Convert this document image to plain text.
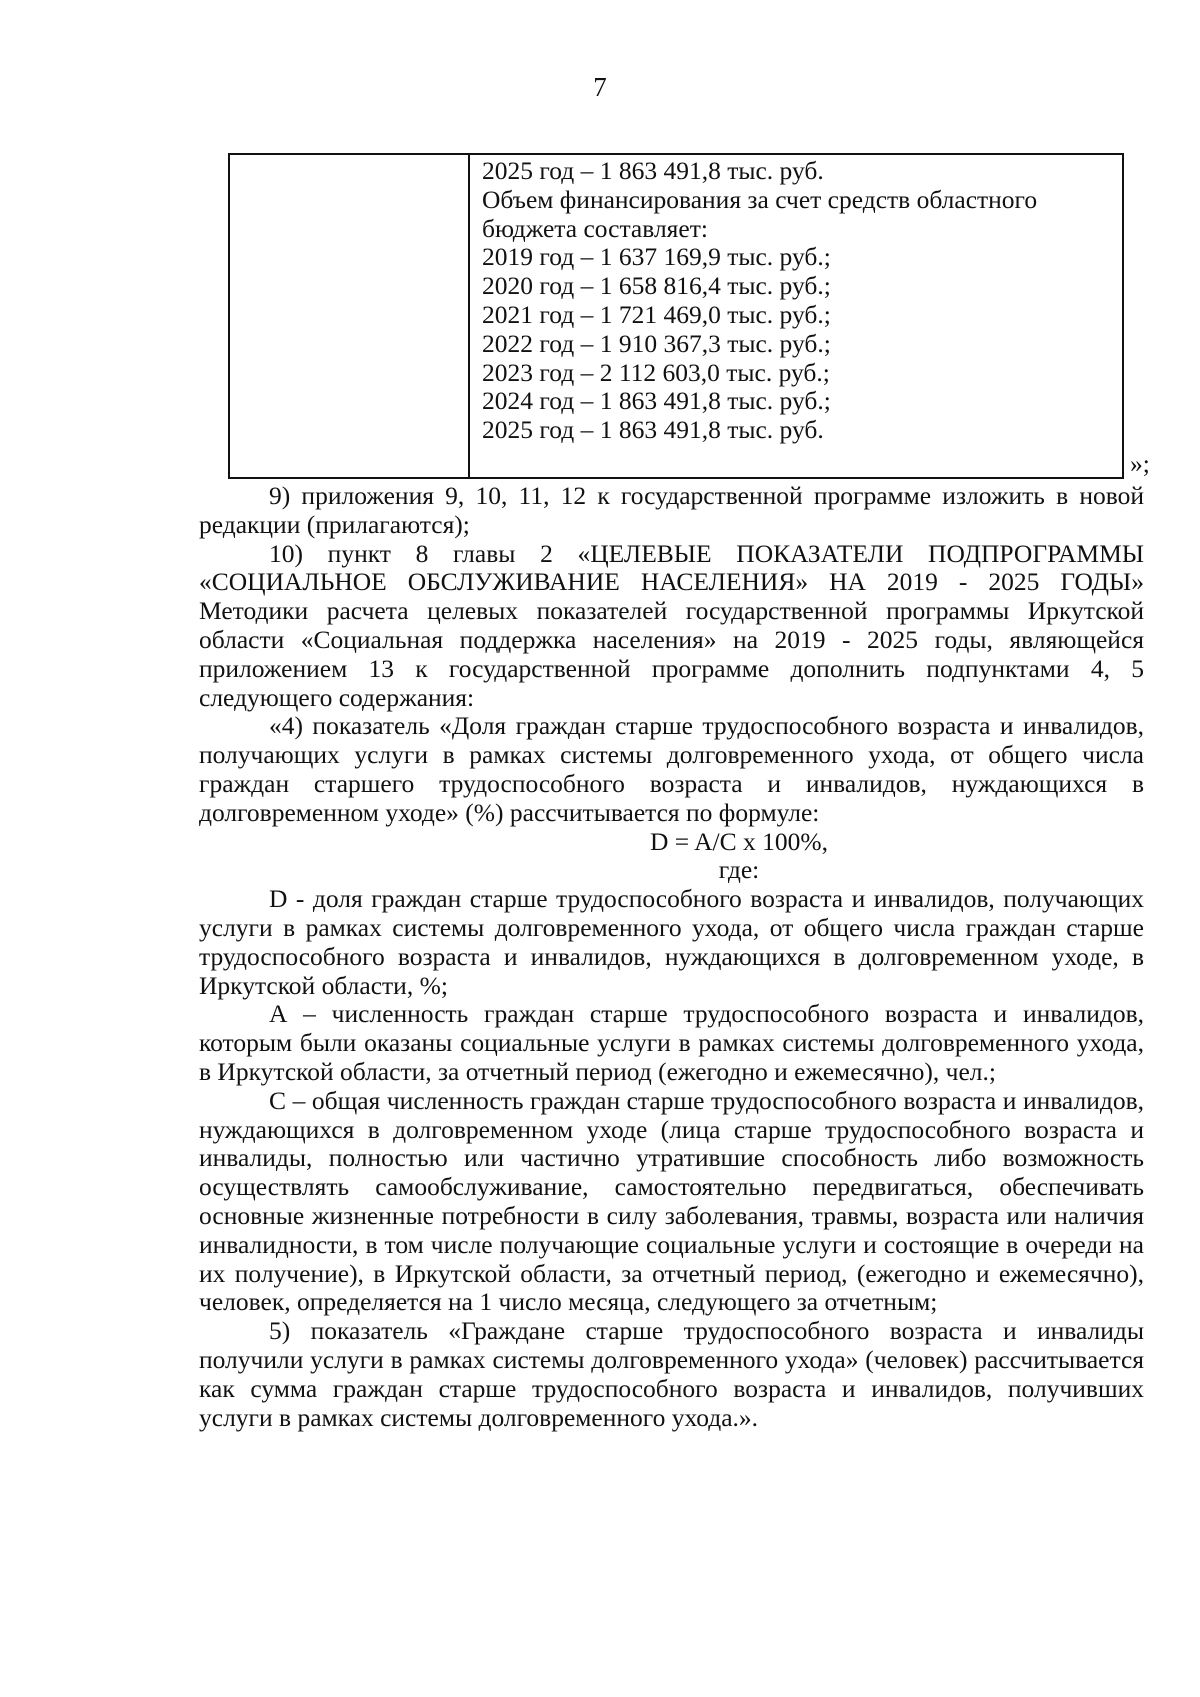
7
2025 год – 1 863 491,8 тыс. руб.
Объем финансирования за счет средств областного
бюджета составляет:
2019 год – 1 637 169,9 тыс. руб.;
2020 год – 1 658 816,4 тыс. руб.;
2021 год – 1 721 469,0 тыс. руб.;
2022 год – 1 910 367,3 тыс. руб.;
2023 год – 2 112 603,0 тыс. руб.;
2024 год – 1 863 491,8 тыс. руб.;
2025 год – 1 863 491,8 тыс. руб.
»;

9) приложения 9, 10, 11, 12 к государственной программе изложить в новой редакции (прилагаются);

10) пункт 8 главы 2 «ЦЕЛЕВЫЕ ПОКАЗАТЕЛИ ПОДПРОГРАММЫ «СОЦИАЛЬНОЕ ОБСЛУЖИВАНИЕ НАСЕЛЕНИЯ» НА 2019 - 2025 ГОДЫ» Методики расчета целевых показателей государственной программы Иркутской области «Социальная поддержка населения» на 2019 - 2025 годы, являющейся приложением 13 к государственной программе дополнить подпунктами 4, 5 следующего содержания:

«4) показатель «Доля граждан старше трудоспособного возраста и инвалидов, получающих услуги в рамках системы долговременного ухода, от общего числа граждан старшего трудоспособного возраста и инвалидов, нуждающихся в долговременном уходе» (%) рассчитывается по формуле:

D = A/C х 100%,

где:

D - доля граждан старше трудоспособного возраста и инвалидов, получающих услуги в рамках системы долговременного ухода, от общего числа граждан старше трудоспособного возраста и инвалидов, нуждающихся в долговременном уходе, в Иркутской области, %;

А – численность граждан старше трудоспособного возраста и инвалидов, которым были оказаны социальные услуги в рамках системы долговременного ухода, в Иркутской области, за отчетный период (ежегодно и ежемесячно), чел.;

С – общая численность граждан старше трудоспособного возраста и инвалидов, нуждающихся в долговременном уходе (лица старше трудоспособного возраста и инвалиды, полностью или частично утратившие способность либо возможность осуществлять самообслуживание, самостоятельно передвигаться, обеспечивать основные жизненные потребности в силу заболевания, травмы, возраста или наличия инвалидности, в том числе получающие социальные услуги и состоящие в очереди на их получение), в Иркутской области, за отчетный период, (ежегодно и ежемесячно), человек, определяется на 1 число месяца, следующего за отчетным;

5) показатель «Граждане старше трудоспособного возраста и инвалиды получили услуги в рамках системы долговременного ухода» (человек) рассчитывается как сумма граждан старше трудоспособного возраста и инвалидов, получивших услуги в рамках системы долговременного ухода.».
